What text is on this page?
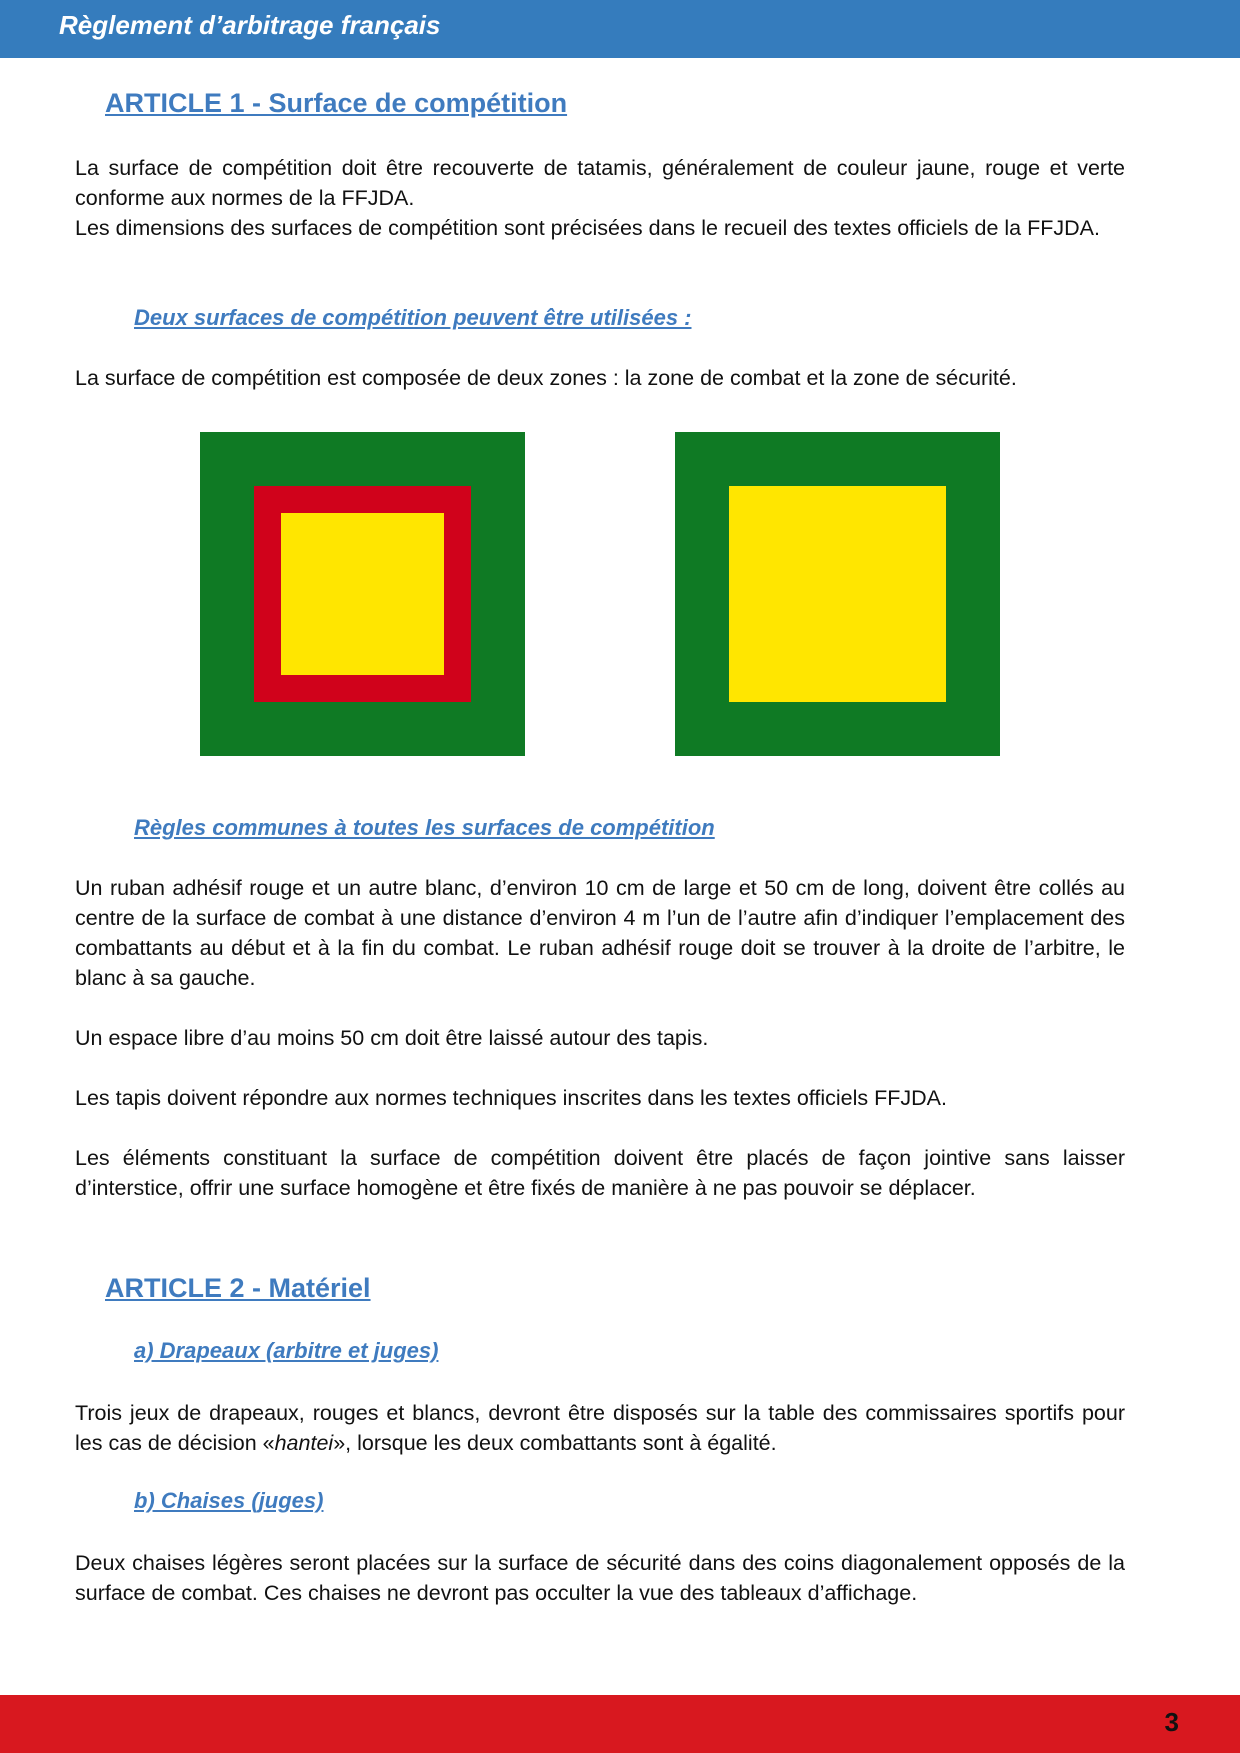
Règlement d’arbitrage français
ARTICLE 1 - Surface de compétition
La surface de compétition doit être recouverte de tatamis, généralement de couleur jaune, rouge et verte conforme aux normes de la FFJDA.
Les dimensions des surfaces de compétition sont précisées dans le recueil des textes officiels de la FFJDA.
Deux surfaces de compétition peuvent être utilisées :
La surface de compétition est composée de deux zones : la zone de combat et la zone de sécurité.
Règles communes à toutes les surfaces de compétition
Un ruban adhésif rouge et un autre blanc, d’environ 10 cm de large et 50 cm de long, doivent être collés au centre de la surface de combat à une distance d’environ 4 m l’un de l’autre afin d’indiquer l’emplacement des combattants au début et à la fin du combat. Le ruban adhésif rouge doit se trouver à la droite de l’arbitre, le blanc à sa gauche.
Un espace libre d’au moins 50 cm doit être laissé autour des tapis.
Les tapis doivent répondre aux normes techniques inscrites dans les textes officiels FFJDA.
Les éléments constituant la surface de compétition doivent être placés de façon jointive sans laisser d’interstice, offrir une surface homogène et être fixés de manière à ne pas pouvoir se déplacer.
ARTICLE 2 - Matériel
a) Drapeaux (arbitre et juges)
Trois jeux de drapeaux, rouges et blancs, devront être disposés sur la table des commissaires sportifs pour les cas de décision «hantei», lorsque les deux combattants sont à égalité.
b) Chaises (juges)
Deux chaises légères seront placées sur la surface de sécurité dans des coins diagonalement opposés de la surface de combat. Ces chaises ne devront pas occulter la vue des tableaux d’affichage.
3
